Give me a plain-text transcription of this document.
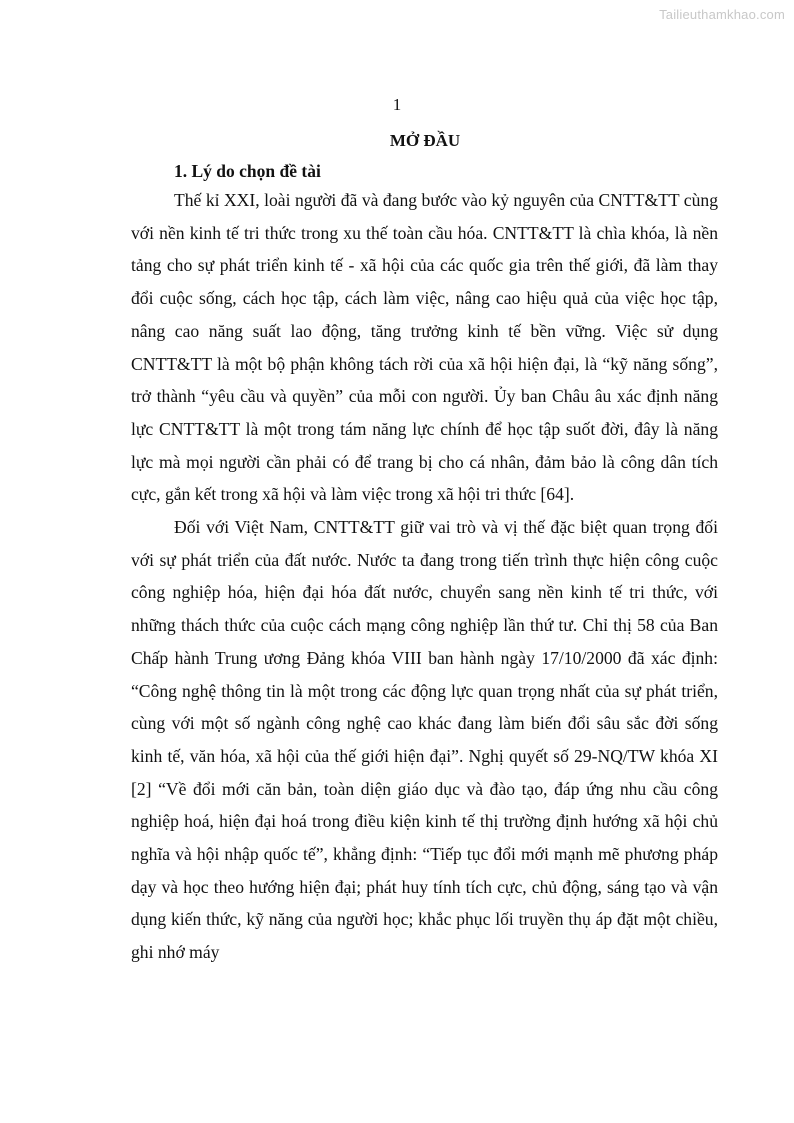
Tailieuthamkhao.com
1
MỞ ĐẦU
1. Lý do chọn đề tài

Thế kỉ XXI, loài người đã và đang bước vào kỷ nguyên của CNTT&TT cùng với nền kinh tế tri thức trong xu thế toàn cầu hóa. CNTT&TT là chìa khóa, là nền tảng cho sự phát triển kinh tế - xã hội của các quốc gia trên thế giới, đã làm thay đổi cuộc sống, cách học tập, cách làm việc, nâng cao hiệu quả của việc học tập, nâng cao năng suất lao động, tăng trưởng kinh tế bền vững. Việc sử dụng CNTT&TT là một bộ phận không tách rời của xã hội hiện đại, là “kỹ năng sống”, trở thành “yêu cầu và quyền” của mỗi con người. Ủy ban Châu âu xác định năng lực CNTT&TT là một trong tám năng lực chính để học tập suốt đời, đây là năng lực mà mọi người cần phải có để trang bị cho cá nhân, đảm bảo là công dân tích cực, gắn kết trong xã hội và làm việc trong xã hội tri thức [64].

Đối với Việt Nam, CNTT&TT giữ vai trò và vị thế đặc biệt quan trọng đối với sự phát triển của đất nước. Nước ta đang trong tiến trình thực hiện công cuộc công nghiệp hóa, hiện đại hóa đất nước, chuyển sang nền kinh tế tri thức, với những thách thức của cuộc cách mạng công nghiệp lần thứ tư. Chỉ thị 58 của Ban Chấp hành Trung ương Đảng khóa VIII ban hành ngày 17/10/2000 đã xác định: “Công nghệ thông tin là một trong các động lực quan trọng nhất của sự phát triển, cùng với một số ngành công nghệ cao khác đang làm biến đổi sâu sắc đời sống kinh tế, văn hóa, xã hội của thế giới hiện đại”. Nghị quyết số 29-NQ/TW khóa XI [2] “Về đổi mới căn bản, toàn diện giáo dục và đào tạo, đáp ứng nhu cầu công nghiệp hoá, hiện đại hoá trong điều kiện kinh tế thị trường định hướng xã hội chủ nghĩa và hội nhập quốc tế”, khẳng định: “Tiếp tục đổi mới mạnh mẽ phương pháp dạy và học theo hướng hiện đại; phát huy tính tích cực, chủ động, sáng tạo và vận dụng kiến thức, kỹ năng của người học; khắc phục lối truyền thụ áp đặt một chiều, ghi nhớ máy
